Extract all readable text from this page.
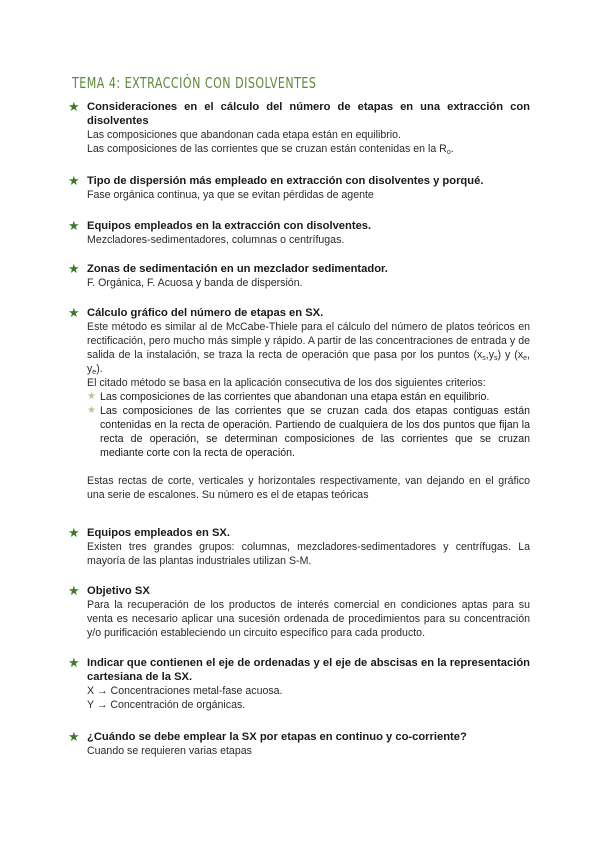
TEMA 4: EXTRACCIÓN CON DISOLVENTES
★ Consideraciones en el cálculo del número de etapas en una extracción con disolventes
Las composiciones que abandonan cada etapa están en equilibrio.
Las composiciones de las corrientes que se cruzan están contenidas en la $R_o$.
★ Tipo de dispersión más empleado en extracción con disolventes y porqué.
Fase orgánica continua, ya que se evitan pérdidas de agente
★ Equipos empleados en la extracción con disolventes.
Mezcladores-sedimentadores, columnas o centrífugas.
★ Zonas de sedimentación en un mezclador sedimentador.
F. Orgánica, F. Acuosa y banda de dispersión.
★ Cálculo gráfico del número de etapas en SX.
Este método es similar al de McCabe-Thiele para el cálculo del número de platos teóricos en rectificación, pero mucho más simple y rápido. A partir de las concentraciones de entrada y de salida de la instalación, se traza la recta de operación que pasa por los puntos $(x_s,y_s)$ y ($x_e$, $y_e$).
El citado método se basa en la aplicación consecutiva de los dos siguientes criterios:
★ Las composiciones de las corrientes que abandonan una etapa están en equilibrio.
★ Las composiciones de las corrientes que se cruzan cada dos etapas contiguas están contenidas en la recta de operación. Partiendo de cualquiera de los dos puntos que fijan la recta de operación, se determinan composiciones de las corrientes que se cruzan mediante corte con la recta de operación.
Estas rectas de corte, verticales y horizontales respectivamente, van dejando en el gráfico una serie de escalones. Su número es el de etapas teóricas
★ Equipos empleados en SX.
Existen tres grandes grupos: columnas, mezcladores-sedimentadores y centrífugas. La mayoría de las plantas industriales utilizan S-M.
★ Objetivo SX
Para la recuperación de los productos de interés comercial en condiciones aptas para su venta es necesario aplicar una sucesión ordenada de procedimientos para su concentración y/o purificación estableciendo un circuito específico para cada producto.
★ Indicar que contienen el eje de ordenadas y el eje de abscisas en la representación cartesiana de la SX.
X → Concentraciones metal-fase acuosa.
Y → Concentración de orgánicas.
★ ¿Cuándo se debe emplear la SX por etapas en continuo y co-corriente?
Cuando se requieren varias etapas
